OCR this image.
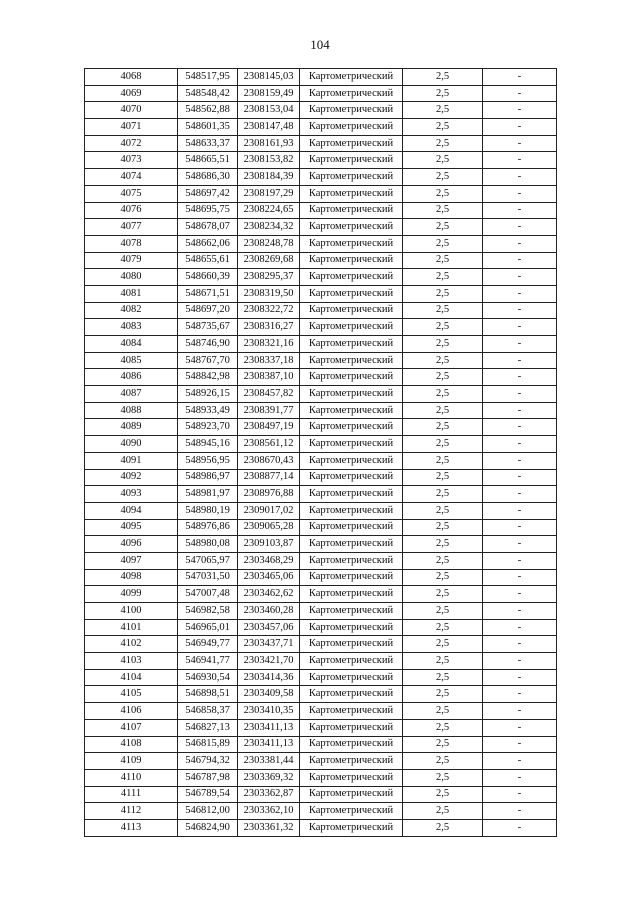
104
4068	548517,95	2308145,03	Картометрический	2,5	-
4069	548548,42	2308159,49	Картометрический	2,5	-
4070	548562,88	2308153,04	Картометрический	2,5	-
4071	548601,35	2308147,48	Картометрический	2,5	-
4072	548633,37	2308161,93	Картометрический	2,5	-
4073	548665,51	2308153,82	Картометрический	2,5	-
4074	548686,30	2308184,39	Картометрический	2,5	-
4075	548697,42	2308197,29	Картометрический	2,5	-
4076	548695,75	2308224,65	Картометрический	2,5	-
4077	548678,07	2308234,32	Картометрический	2,5	-
4078	548662,06	2308248,78	Картометрический	2,5	-
4079	548655,61	2308269,68	Картометрический	2,5	-
4080	548660,39	2308295,37	Картометрический	2,5	-
4081	548671,51	2308319,50	Картометрический	2,5	-
4082	548697,20	2308322,72	Картометрический	2,5	-
4083	548735,67	2308316,27	Картометрический	2,5	-
4084	548746,90	2308321,16	Картометрический	2,5	-
4085	548767,70	2308337,18	Картометрический	2,5	-
4086	548842,98	2308387,10	Картометрический	2,5	-
4087	548926,15	2308457,82	Картометрический	2,5	-
4088	548933,49	2308391,77	Картометрический	2,5	-
4089	548923,70	2308497,19	Картометрический	2,5	-
4090	548945,16	2308561,12	Картометрический	2,5	-
4091	548956,95	2308670,43	Картометрический	2,5	-
4092	548986,97	2308877,14	Картометрический	2,5	-
4093	548981,97	2308976,88	Картометрический	2,5	-
4094	548980,19	2309017,02	Картометрический	2,5	-
4095	548976,86	2309065,28	Картометрический	2,5	-
4096	548980,08	2309103,87	Картометрический	2,5	-
4097	547065,97	2303468,29	Картометрический	2,5	-
4098	547031,50	2303465,06	Картометрический	2,5	-
4099	547007,48	2303462,62	Картометрический	2,5	-
4100	546982,58	2303460,28	Картометрический	2,5	-
4101	546965,01	2303457,06	Картометрический	2,5	-
4102	546949,77	2303437,71	Картометрический	2,5	-
4103	546941,77	2303421,70	Картометрический	2,5	-
4104	546930,54	2303414,36	Картометрический	2,5	-
4105	546898,51	2303409,58	Картометрический	2,5	-
4106	546858,37	2303410,35	Картометрический	2,5	-
4107	546827,13	2303411,13	Картометрический	2,5	-
4108	546815,89	2303411,13	Картометрический	2,5	-
4109	546794,32	2303381,44	Картометрический	2,5	-
4110	546787,98	2303369,32	Картометрический	2,5	-
4111	546789,54	2303362,87	Картометрический	2,5	-
4112	546812,00	2303362,10	Картометрический	2,5	-
4113	546824,90	2303361,32	Картометрический	2,5	-
